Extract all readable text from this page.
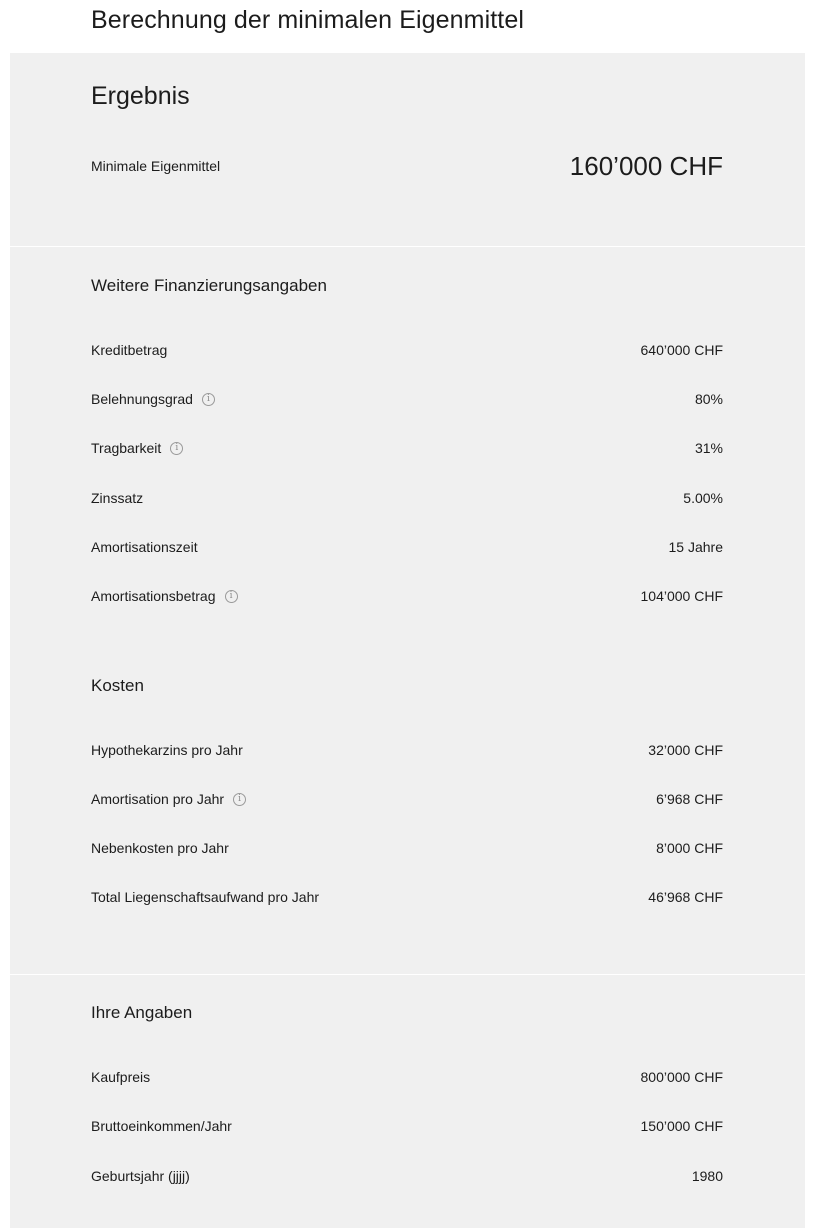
Berechnung der minimalen Eigenmittel
Ergebnis
Minimale Eigenmittel	160’000 CHF
Weitere Finanzierungsangaben
Kreditbetrag	640’000 CHF
Belehnungsgrad	i	80%
Tragbarkeit	i	31%
Zinssatz	5.00%
Amortisationszeit	15 Jahre
Amortisationsbetrag	i	104’000 CHF
Kosten
Hypothekarzins pro Jahr	32’000 CHF
Amortisation pro Jahr	i	6’968 CHF
Nebenkosten pro Jahr	8’000 CHF
Total Liegenschaftsaufwand pro Jahr	46’968 CHF
Ihre Angaben
Kaufpreis	800’000 CHF
Bruttoeinkommen/Jahr	150’000 CHF
Geburtsjahr (jjjj)	1980
